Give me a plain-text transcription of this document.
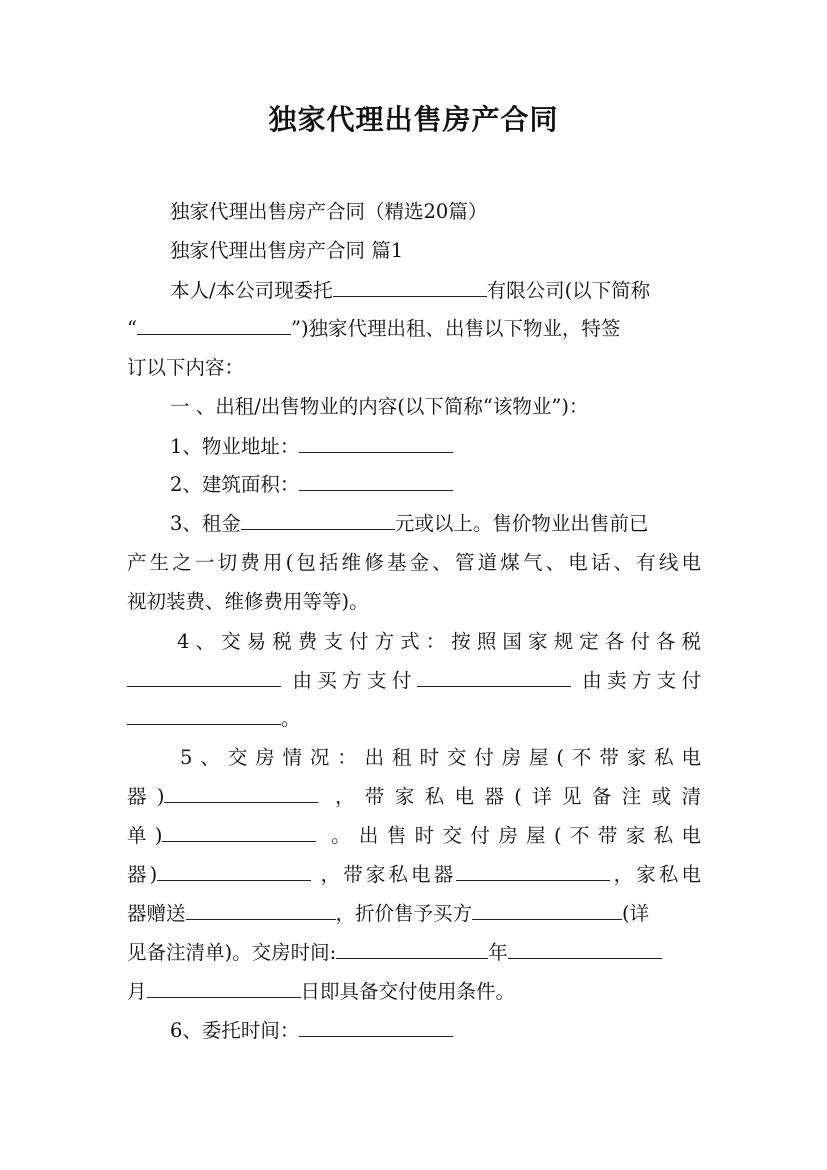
独家代理出售房产合同
独家代理出售房产合同（精选20篇）
独家代理出售房产合同 篇1
本人/本公司现委托	有限公司(以下简称
“	”)独家代理出租、出售以下物业，特签
订以下内容：
一 、出租/出售物业的内容(以下简称“该物业”)：
1、物业地址：
2、建筑面积：
3、租金	元或以上。售价物业出售前已
产生之一切费用(包括维修基金、管道煤气、电话、有线电
视初装费、维修费用等等)。
4、交易税费支付方式：按照国家规定各付各税
由买方支付	由卖方支付
。
5、交房情况：出租时交付房屋(不带家私电
器)	，带家私电器(详见备注或清
单)	。出售时交付房屋(不带家私电
器)	，带家私电器	，家私电
器赠送	，折价售予买方	(详
见备注清单)。交房时间:	年
月	日即具备交付使用条件。
6、委托时间：
